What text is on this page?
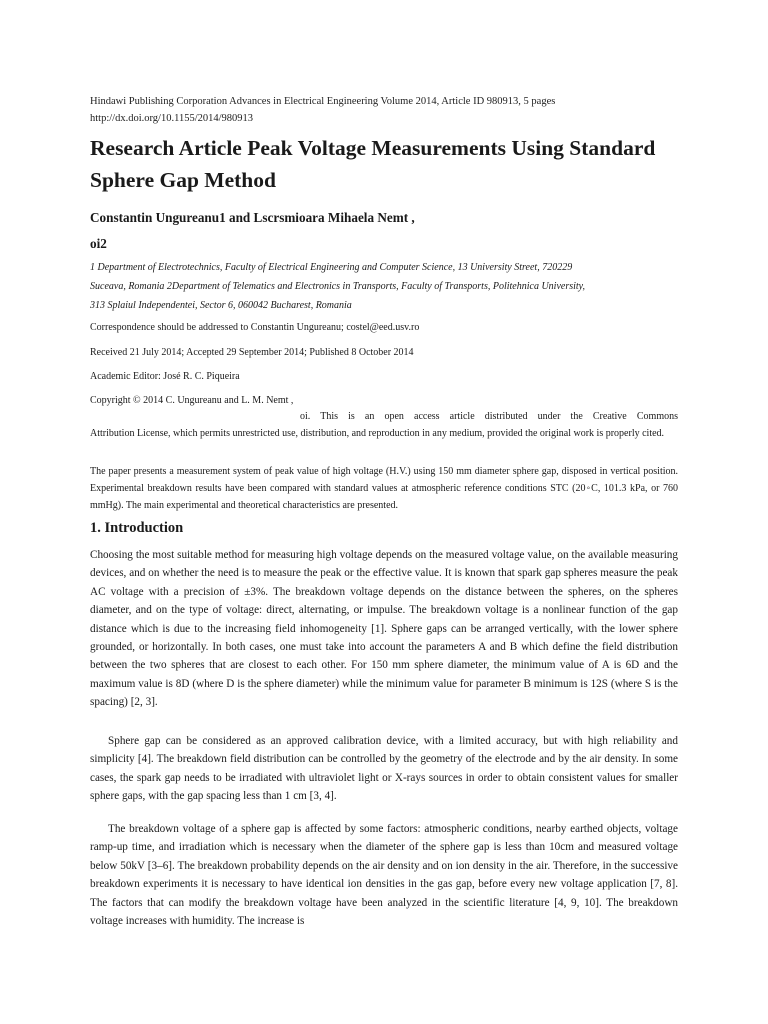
Hindawi Publishing Corporation Advances in Electrical Engineering Volume 2014, Article ID 980913, 5 pages

http://dx.doi.org/10.1155/2014/980913

Research Article Peak Voltage Measurements Using Standard Sphere Gap Method
Constantin Ungureanu1 and Lscrsmioara Mihaela Nemt ,
oi2
1 Department of Electrotechnics, Faculty of Electrical Engineering and Computer Science, 13 University Street, 720229
Suceava, Romania 2Department of Telematics and Electronics in Transports, Faculty of Transports, Politehnica University,
313 Splaiul Independentei, Sector 6, 060042 Bucharest, Romania

Correspondence should be addressed to Constantin Ungureanu; costel@eed.usv.ro

Received 21 July 2014; Accepted 29 September 2014; Published 8 October 2014

Academic Editor: José R. C. Piqueira

Copyright © 2014 C. Ungureanu and L. M. Nemt ,

oi. This is an open access article distributed under the Creative Commons
Attribution License, which permits unrestricted use, distribution, and reproduction in any medium, provided the original work is properly cited.

The paper presents a measurement system of peak value of high voltage (H.V.) using 150 mm diameter sphere gap, disposed in vertical position. Experimental breakdown results have been compared with standard values at atmospheric reference conditions STC (20◦C, 101.3 kPa, or 760 mmHg). The main experimental and theoretical characteristics are presented.

1. Introduction

Choosing the most suitable method for measuring high voltage depends on the measured voltage value, on the available measuring devices, and on whether the need is to measure the peak or the effective value. It is known that spark gap spheres measure the peak AC voltage with a precision of ±3%. The breakdown voltage depends on the distance between the spheres, on the spheres diameter, and on the type of voltage: direct, alternating, or impulse. The breakdown voltage is a nonlinear function of the gap distance which is due to the increasing field inhomogeneity [1]. Sphere gaps can be arranged vertically, with the lower sphere grounded, or horizontally. In both cases, one must take into account the parameters A and B which define the field distribution between the two spheres that are closest to each other. For 150 mm sphere diameter, the minimum value of A is 6D and the maximum value is 8D (where D is the sphere diameter) while the minimum value for parameter B minimum is 12S (where S is the spacing) [2, 3].

Sphere gap can be considered as an approved calibration device, with a limited accuracy, but with high reliability and simplicity [4]. The breakdown field distribution can be controlled by the geometry of the electrode and by the air density. In some cases, the spark gap needs to be irradiated with ultraviolet light or X-rays sources in order to obtain consistent values for smaller sphere gaps, with the gap spacing less than 1 cm [3, 4].

The breakdown voltage of a sphere gap is affected by some factors: atmospheric conditions, nearby earthed objects, voltage ramp-up time, and irradiation which is necessary when the diameter of the sphere gap is less than 10cm and measured voltage below 50kV [3–6]. The breakdown probability depends on the air density and on ion density in the air. Therefore, in the successive breakdown experiments it is necessary to have identical ion densities in the gas gap, before every new voltage application [7, 8]. The factors that can modify the breakdown voltage have been analyzed in the scientific literature [4, 9, 10]. The breakdown voltage increases with humidity. The increase is
